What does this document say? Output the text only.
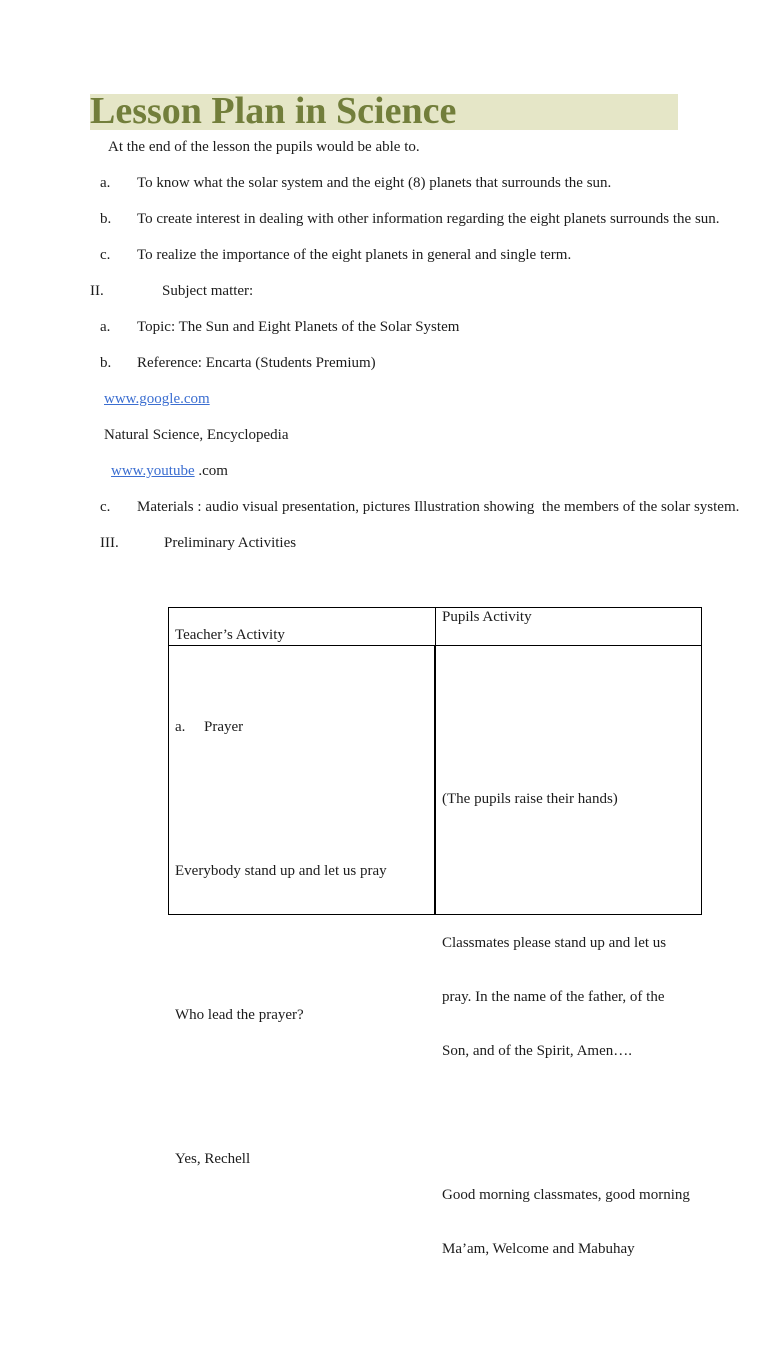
Lesson Plan in Science

At the end of the lesson the pupils would be able to.

a.

To know what the solar system and the eight (8) planets that surrounds the sun.

b.

To create interest in dealing with other information regarding the eight planets surrounds the sun.

c.

To realize the importance of the eight planets in general and single term.

II.

	Subject matter:

a.

Topic: The Sun and Eight Planets of the Solar System

b.

Reference: Encarta (Students Premium)

www.google.com

Natural Science, Encyclopedia

www.youtube .com

c.

Materials : audio visual presentation, pictures Illustration showing  the members of the solar system.

III.

	Preliminary Activities

Teacher’s Activity
Pupils Activity

a.

Prayer

Everybody stand up and let us pray

Who lead the prayer?

Yes, Rechell

(The pupils raise their hands)

Classmates please stand up and let us

pray. In the name of the father, of the

Son, and of the Spirit, Amen….

Good morning classmates, good morning

Ma’am, Welcome and Mabuhay
